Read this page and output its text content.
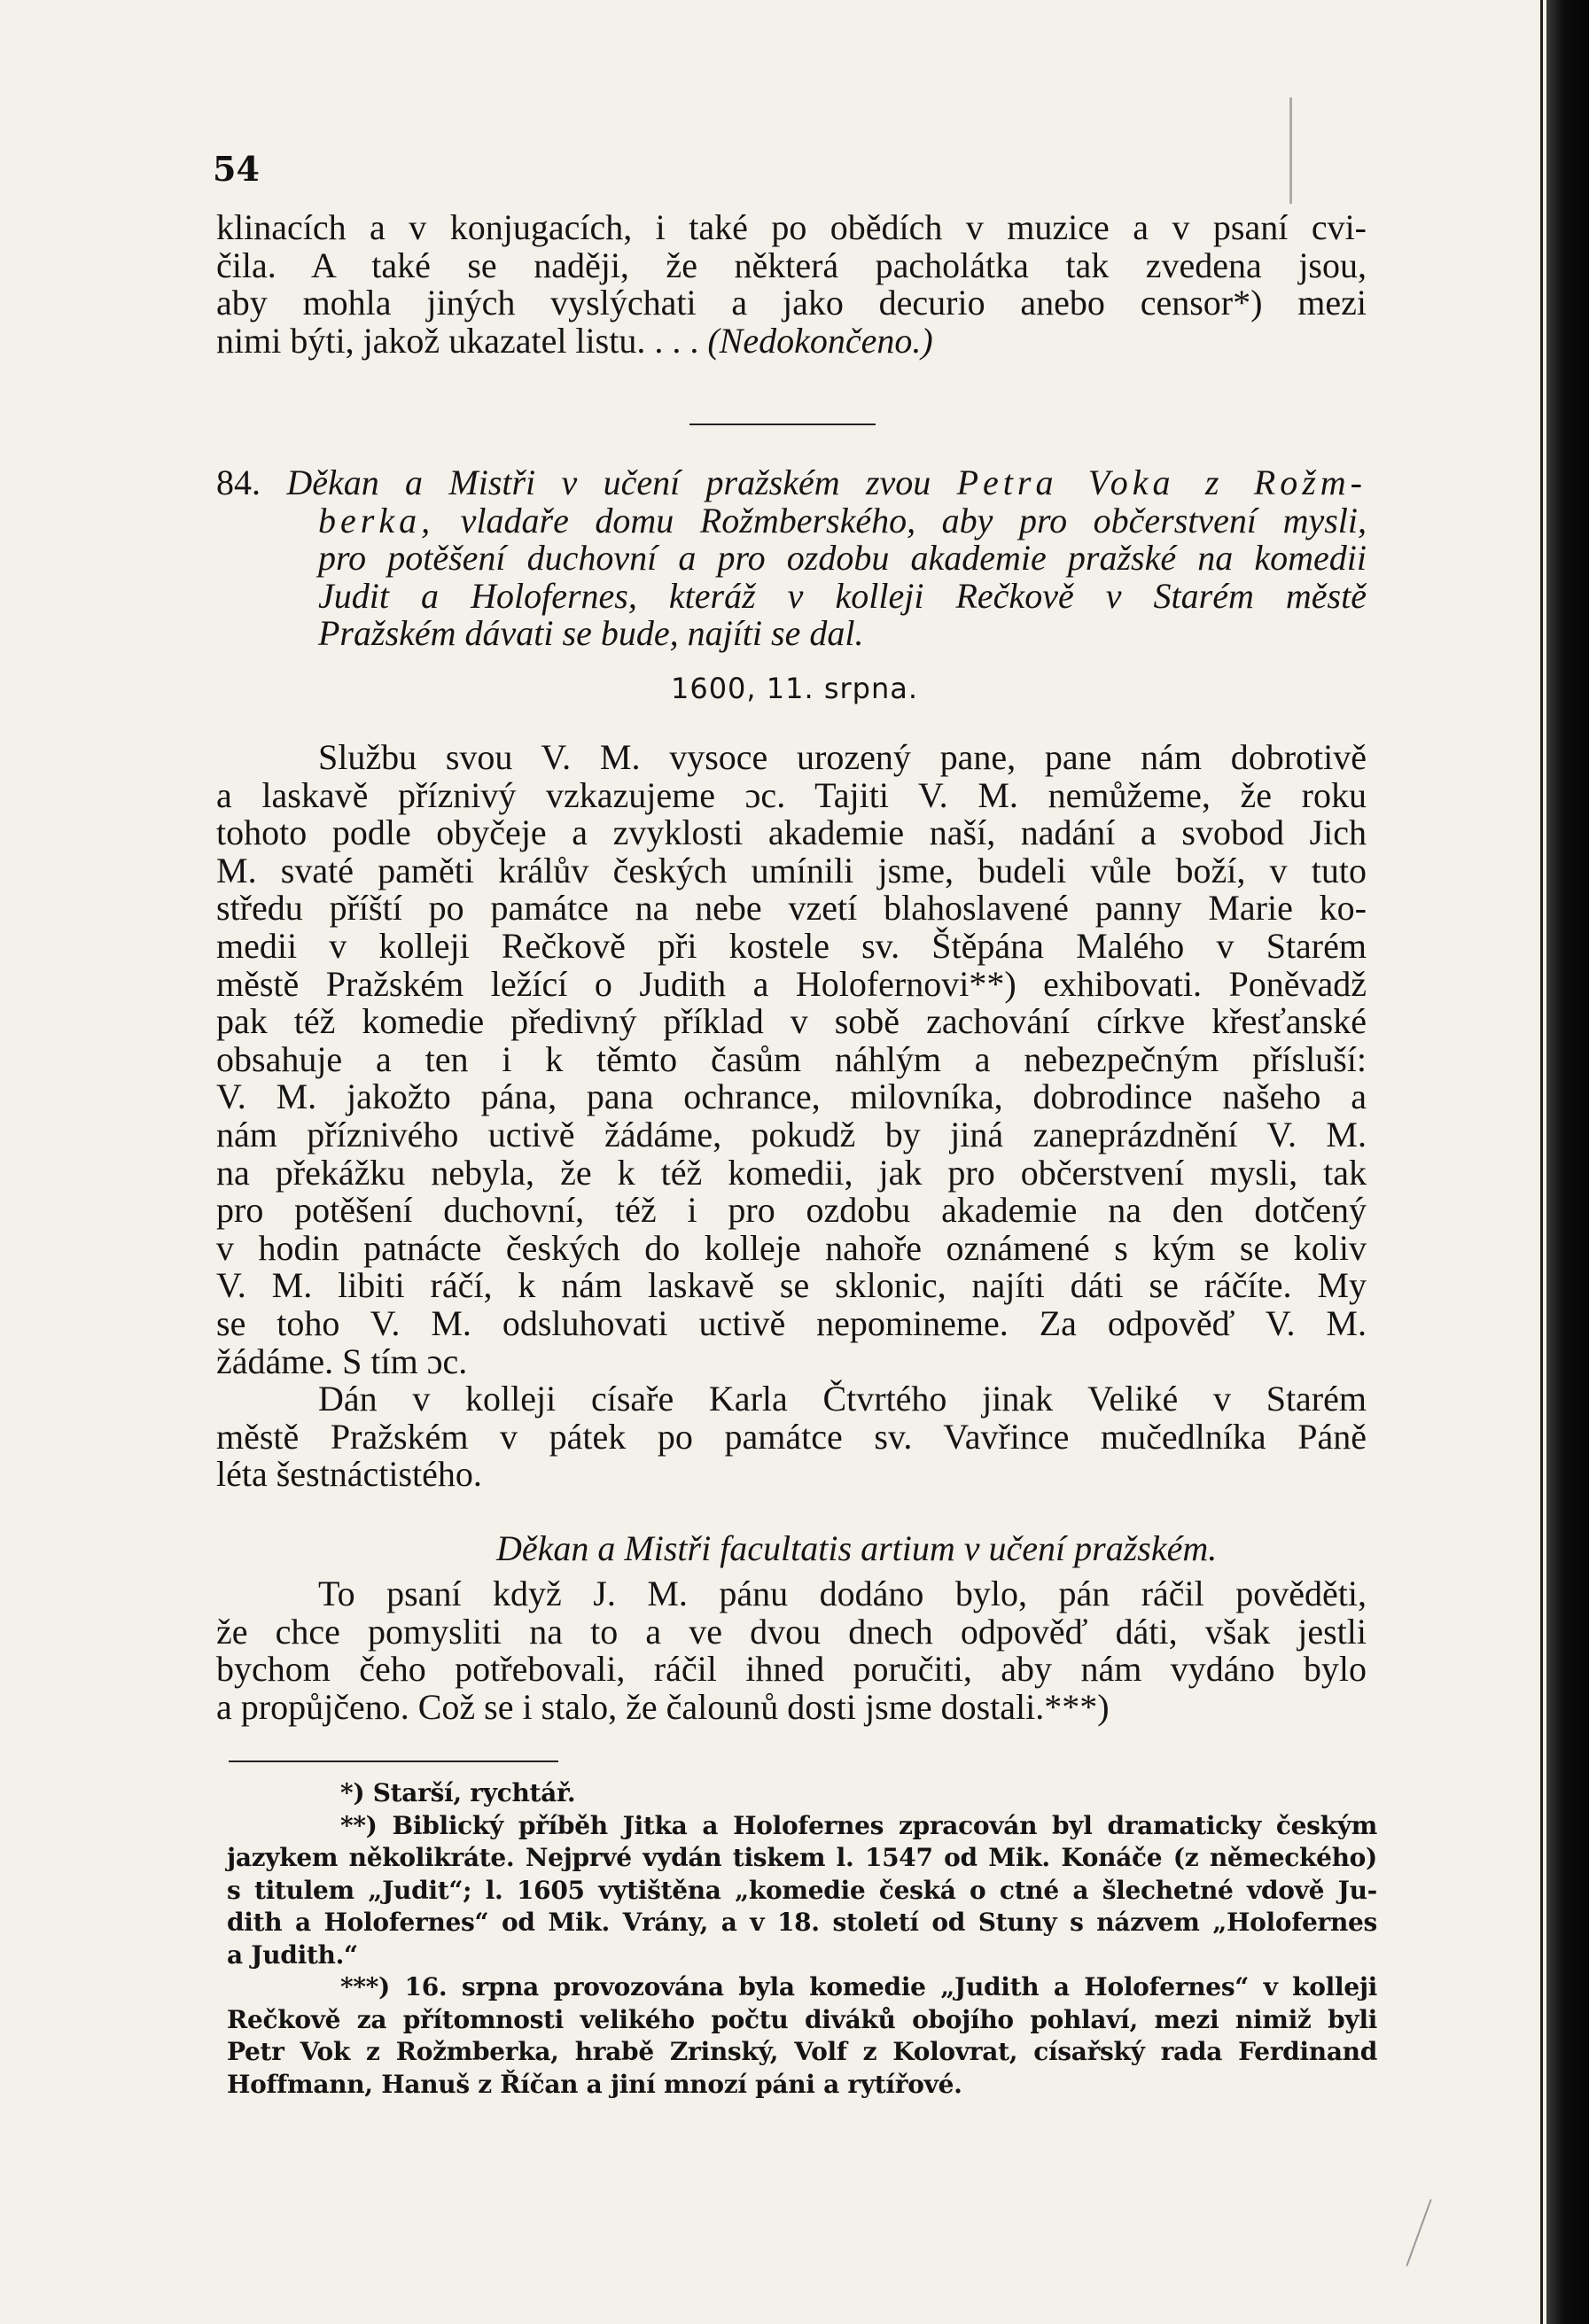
54
klinacích a v konjugacích, i také po obědích v muzice a v psaní cvi-
čila. A také se naději, že některá pacholátka tak zvedena jsou,
aby mohla jiných vyslýchati a jako decurio anebo censor*) mezi
nimi býti, jakož ukazatel listu. . . . (Nedokončeno.)
84. Děkan a Mistři v učení pražském zvou Petra Voka z Rožm-
berka, vladaře domu Rožmberského, aby pro občerstvení mysli,
pro potěšení duchovní a pro ozdobu akademie pražské na komedii
Judit a Holofernes, kteráž v kolleji Rečkově v Starém městě
Pražském dávati se bude, najíti se dal.
1600, 11. srpna.
Službu svou V. M. vysoce urozený pane, pane nám dobrotivě
a laskavě příznivý vzkazujeme ɔc. Tajiti V. M. nemůžeme, že roku
tohoto podle obyčeje a zvyklosti akademie naší, nadání a svobod Jich
M. svaté paměti králův českých umínili jsme, budeli vůle boží, v tuto
středu příští po památce na nebe vzetí blahoslavené panny Marie ko-
medii v kolleji Rečkově při kostele sv. Štěpána Malého v Starém
městě Pražském ležící o Judith a Holofernovi**) exhibovati. Poněvadž
pak též komedie předivný příklad v sobě zachování církve křesťanské
obsahuje a ten i k těmto časům náhlým a nebezpečným přísluší:
V. M. jakožto pána, pana ochrance, milovníka, dobrodince našeho a
nám příznivého uctivě žádáme, pokudž by jiná zaneprázdnění V. M.
na překážku nebyla, že k též komedii, jak pro občerstvení mysli, tak
pro potěšení duchovní, též i pro ozdobu akademie na den dotčený
v hodin patnácte českých do kolleje nahoře oznámené s kým se koliv
V. M. libiti ráčí, k nám laskavě se sklonic, najíti dáti se ráčíte. My
se toho V. M. odsluhovati uctivě nepomineme. Za odpověď V. M.
žádáme. S tím ɔc.
Dán v kolleji císaře Karla Čtvrtého jinak Veliké v Starém
městě Pražském v pátek po památce sv. Vavřince mučedlníka Páně
léta šestnáctistého.
Děkan a Mistři facultatis artium v učení pražském.
To psaní když J. M. pánu dodáno bylo, pán ráčil pověděti,
že chce pomysliti na to a ve dvou dnech odpověď dáti, však jestli
bychom čeho potřebovali, ráčil ihned poručiti, aby nám vydáno bylo
a propůjčeno. Což se i stalo, že čalounů dosti jsme dostali.***)
*) Starší, rychtář.
**) Biblický příběh Jitka a Holofernes zpracován byl dramaticky českým
jazykem několikráte. Nejprvé vydán tiskem l. 1547 od Mik. Konáče (z německého)
s titulem „Judit“; l. 1605 vytištěna „komedie česká o ctné a šlechetné vdově Ju-
dith a Holofernes“ od Mik. Vrány, a v 18. století od Stuny s názvem „Holofernes
a Judith.“
***) 16. srpna provozována byla komedie „Judith a Holofernes“ v kolleji
Rečkově za přítomnosti velikého počtu diváků obojího pohlaví, mezi nimiž byli
Petr Vok z Rožmberka, hrabě Zrinský, Volf z Kolovrat, císařský rada Ferdinand
Hoffmann, Hanuš z Říčan a jiní mnozí páni a rytířové.
